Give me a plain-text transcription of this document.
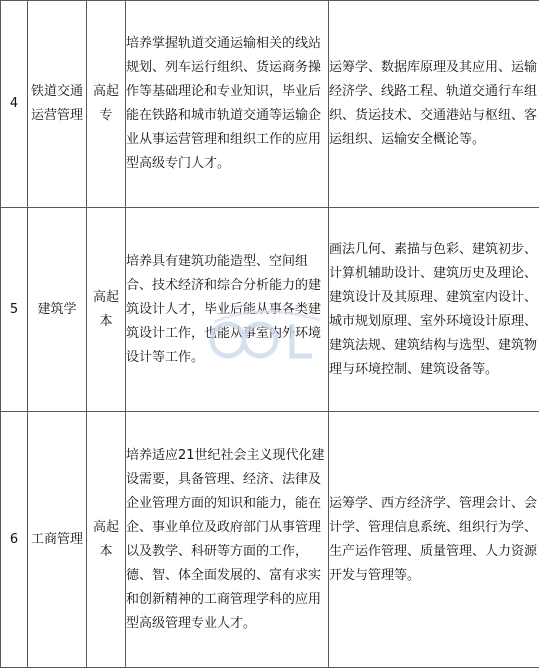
4	铁道交通运营管理	高起专	培养掌握轨道交通运输相关的线站规划、列车运行组织、货运商务操作等基础理论和专业知识，毕业后能在铁路和城市轨道交通等运输企业从事运营管理和组织工作的应用型高级专门人才。	运筹学、数据库原理及其应用、运输经济学、线路工程、轨道交通行车组织、货运技术、交通港站与枢纽、客运组织、运输安全概论等。
5	建筑学	高起本	培养具有建筑功能造型、空间组合、技术经济和综合分析能力的建筑设计人才，毕业后能从事各类建筑设计工作，也能从事室内外环境设计等工作。	画法几何、素描与色彩、建筑初步、计算机辅助设计、建筑历史及理论、建筑设计及其原理、建筑室内设计、城市规划原理、室外环境设计原理、建筑法规、建筑结构与选型、建筑物理与环境控制、建筑设备等。
6	工商管理	高起本	培养适应21世纪社会主义现代化建设需要，具备管理、经济、法律及企业管理方面的知识和能力，能在企、事业单位及政府部门从事管理以及教学、科研等方面的工作，德、智、体全面发展的、富有求实和创新精神的工商管理学科的应用型高级管理专业人才。	运筹学、西方经济学、管理会计、会计学、管理信息系统、组织行为学、生产运作管理、质量管理、人力资源开发与管理等。
